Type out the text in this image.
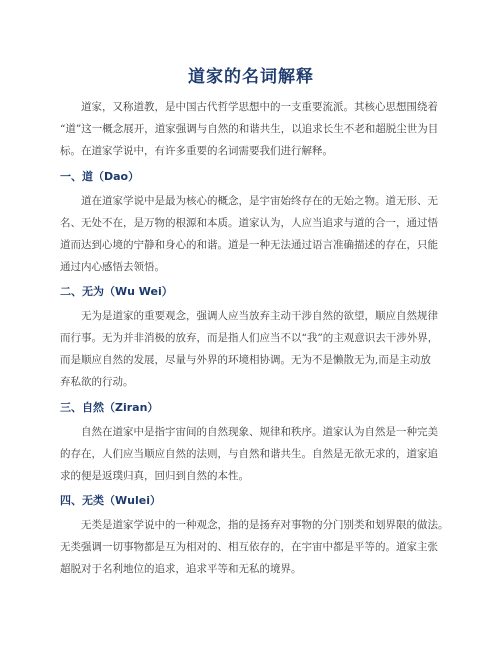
道家的名词解释

道家，又称道教，是中国古代哲学思想中的一支重要流派。其核心思想围绕着
“道”这一概念展开，道家强调与自然的和谐共生，以追求长生不老和超脱尘世为目
标。在道家学说中，有许多重要的名词需要我们进行解释。

一、道（Dao）

道在道家学说中是最为核心的概念，是宇宙始终存在的无始之物。道无形、无
名、无处不在，是万物的根源和本质。道家认为，人应当追求与道的合一，通过悟
道而达到心境的宁静和身心的和谐。道是一种无法通过语言准确描述的存在，只能
通过内心感悟去领悟。

二、无为（Wu Wei）

无为是道家的重要观念，强调人应当放弃主动干涉自然的欲望，顺应自然规律
而行事。无为并非消极的放弃，而是指人们应当不以“我”的主观意识去干涉外界，
而是顺应自然的发展，尽量与外界的环境相协调。无为不是懒散无为,而是主动放
弃私欲的行动。

三、自然（Ziran）

自然在道家中是指宇宙间的自然现象、规律和秩序。道家认为自然是一种完美
的存在，人们应当顺应自然的法则，与自然和谐共生。自然是无欲无求的，道家追
求的便是返璞归真，回归到自然的本性。

四、无类（Wulei）

无类是道家学说中的一种观念，指的是扬弃对事物的分门别类和划界限的做法。
无类强调一切事物都是互为相对的、相互依存的，在宇宙中都是平等的。道家主张
超脱对于名利地位的追求，追求平等和无私的境界。
